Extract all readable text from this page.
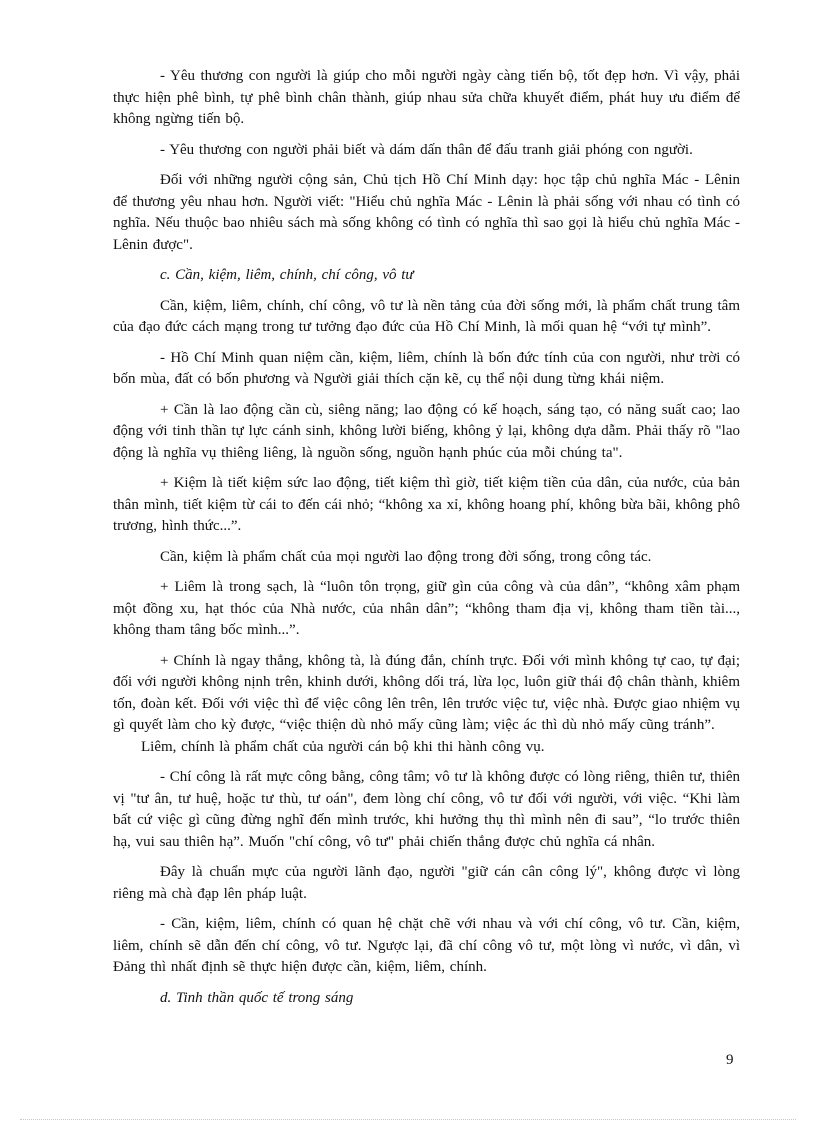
- Yêu thương con người là giúp cho mỗi người ngày càng tiến bộ, tốt đẹp hơn. Vì vậy, phải thực hiện phê bình, tự phê bình chân thành, giúp nhau sửa chữa khuyết điểm, phát huy ưu điểm để không ngừng tiến bộ.

- Yêu thương con người phải biết và dám dấn thân để đấu tranh giải phóng con người.

Đối với những người cộng sản, Chủ tịch Hồ Chí Minh dạy: học tập chủ nghĩa Mác - Lênin để thương yêu nhau hơn. Người viết: "Hiểu chủ nghĩa Mác - Lênin là phải sống với nhau có tình có nghĩa. Nếu thuộc bao nhiêu sách mà sống không có tình có nghĩa thì sao gọi là hiểu chủ nghĩa Mác - Lênin được".

c. Cần, kiệm, liêm, chính, chí công, vô tư

Cần, kiệm, liêm, chính, chí công, vô tư là nền tảng của đời sống mới, là phẩm chất trung tâm của đạo đức cách mạng trong tư tưởng đạo đức của Hồ Chí Minh, là mối quan hệ “với tự mình”.

- Hồ Chí Minh quan niệm cần, kiệm, liêm, chính là bốn đức tính của con người, như trời có bốn mùa, đất có bốn phương và Người giải thích cặn kẽ, cụ thể nội dung từng khái niệm.

+ Cần là lao động cần cù, siêng năng; lao động có kế hoạch, sáng tạo, có năng suất cao; lao động với tinh thần tự lực cánh sinh, không lười biếng, không ỷ lại, không dựa dẫm. Phải thấy rõ "lao động là nghĩa vụ thiêng liêng, là nguồn sống, nguồn hạnh phúc của mỗi chúng ta".

+ Kiệm là tiết kiệm sức lao động, tiết kiệm thì giờ, tiết kiệm tiền của dân, của nước, của bản thân mình, tiết kiệm từ cái to đến cái nhỏ; “không xa xỉ, không hoang phí, không bừa bãi, không phô trương, hình thức...”.

Cần, kiệm là phẩm chất của mọi người lao động trong đời sống, trong công tác.

+ Liêm là trong sạch, là “luôn tôn trọng, giữ gìn của công và của dân”, “không xâm phạm một đồng xu, hạt thóc của Nhà nước, của nhân dân”; “không tham địa vị, không tham tiền tài..., không tham tâng bốc mình...”.

+ Chính là ngay thẳng, không tà, là đúng đắn, chính trực. Đối với mình không tự cao, tự đại; đối với người không nịnh trên, khinh dưới, không dối trá, lừa lọc, luôn giữ thái độ chân thành, khiêm tốn, đoàn kết. Đối với việc thì để việc công lên trên, lên trước việc tư, việc nhà. Được giao nhiệm vụ gì quyết làm cho kỳ được, “việc thiện dù nhỏ mấy cũng làm; việc ác thì dù nhỏ mấy cũng tránh”.

Liêm, chính là phẩm chất của người cán bộ khi thi hành công vụ.

- Chí công là rất mực công bằng, công tâm; vô tư là không được có lòng riêng, thiên tư, thiên vị "tư ân, tư huệ, hoặc tư thù, tư oán", đem lòng chí công, vô tư đối với người, với việc. “Khi làm bất cứ việc gì cũng đừng nghĩ đến mình trước, khi hưởng thụ thì mình nên đi sau”, “lo trước thiên hạ, vui sau thiên hạ”. Muốn "chí công, vô tư" phải chiến thắng được chủ nghĩa cá nhân.

Đây là chuẩn mực của người lãnh đạo, người "giữ cán cân công lý", không được vì lòng riêng mà chà đạp lên pháp luật.

- Cần, kiệm, liêm, chính có quan hệ chặt chẽ với nhau và với chí công, vô tư. Cần, kiệm, liêm, chính sẽ dẫn đến chí công, vô tư. Ngược lại, đã chí công vô tư, một lòng vì nước, vì dân, vì Đảng thì nhất định sẽ thực hiện được cần, kiệm, liêm, chính.

d. Tinh thần quốc tế trong sáng

9
